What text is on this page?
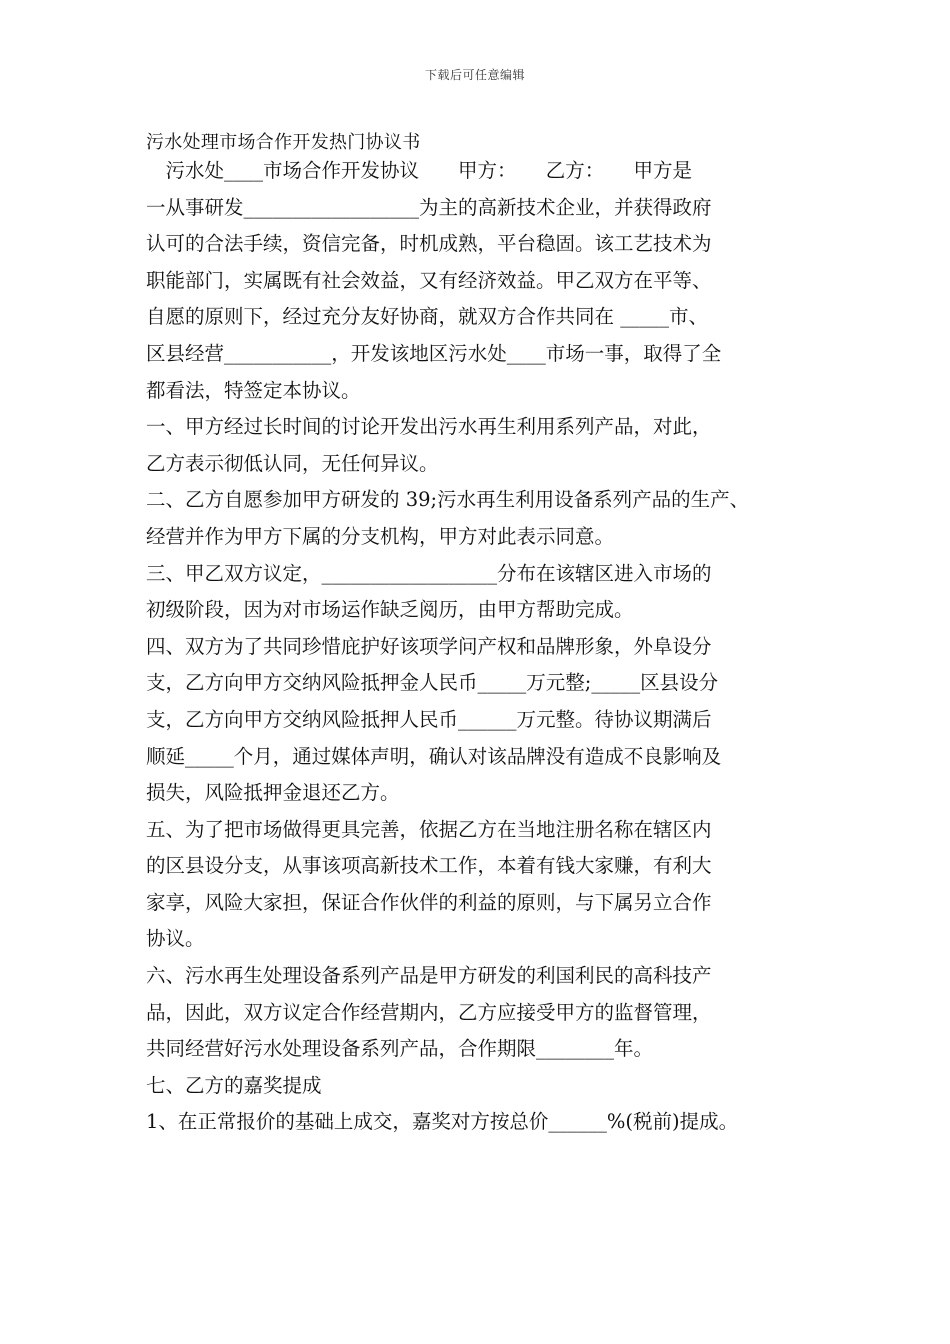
下载后可任意编辑
污水处理市场合作开发热门协议书
　污水处____市场合作开发协议　　甲方：　　乙方：　　甲方是
一从事研发__________________为主的高新技术企业，并获得政府
认可的合法手续，资信完备，时机成熟，平台稳固。该工艺技术为
职能部门，实属既有社会效益，又有经济效益。甲乙双方在平等、
自愿的原则下，经过充分友好协商，就双方合作共同在 _____市、
区县经营___________，开发该地区污水处____市场一事，取得了全
都看法，特签定本协议。
一、甲方经过长时间的讨论开发出污水再生利用系列产品，对此，
乙方表示彻低认同，无任何异议。
二、乙方自愿参加甲方研发的 39;污水再生利用设备系列产品的生产、
经营并作为甲方下属的分支机构，甲方对此表示同意。
三、甲乙双方议定，__________________分布在该辖区进入市场的
初级阶段，因为对市场运作缺乏阅历，由甲方帮助完成。
四、双方为了共同珍惜庇护好该项学问产权和品牌形象，外阜设分
支，乙方向甲方交纳风险抵押金人民币_____万元整;_____区县设分
支，乙方向甲方交纳风险抵押人民币______万元整。待协议期满后
顺延_____个月，通过媒体声明，确认对该品牌没有造成不良影响及
损失，风险抵押金退还乙方。
五、为了把市场做得更具完善，依据乙方在当地注册名称在辖区内
的区县设分支，从事该项高新技术工作，本着有钱大家赚，有利大
家享，风险大家担，保证合作伙伴的利益的原则，与下属另立合作
协议。
六、污水再生处理设备系列产品是甲方研发的利国利民的高科技产
品，因此，双方议定合作经营期内，乙方应接受甲方的监督管理，
共同经营好污水处理设备系列产品，合作期限________年。
七、乙方的嘉奖提成
1、在正常报价的基础上成交，嘉奖对方按总价______%(税前)提成。
